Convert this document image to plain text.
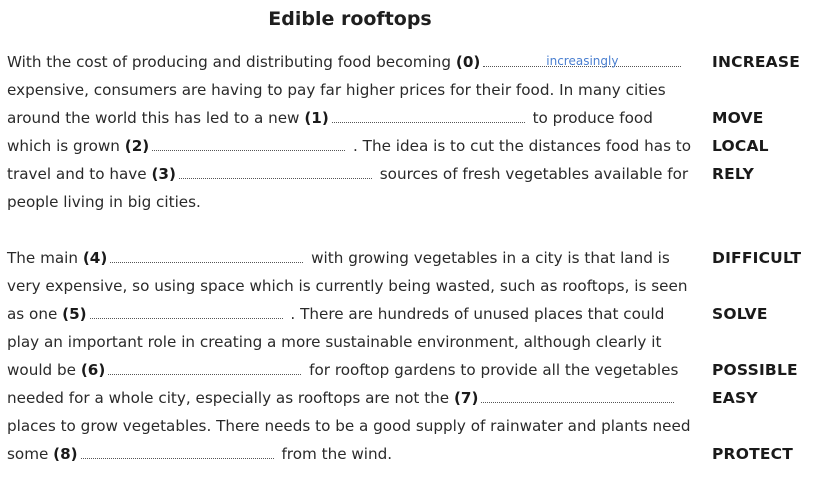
Edible rooftops
With the cost of producing and distributing food becoming (0)	increasingly	INCREASE
expensive, consumers are having to pay far higher prices for their food. In many cities
around the world this has led to a new (1)	to produce food	MOVE
which is grown (2)	. The idea is to cut the distances food has to LOCAL
travel and to have (3)	sources of fresh vegetables available for RELY
people living in big cities.
The main (4)	with growing vegetables in a city is that land is	DIFFICULT
very expensive, so using space which is currently being wasted, such as rooftops, is seen
as one (5)	. There are hundreds of unused places that could	SOLVE
play an important role in creating a more sustainable environment, although clearly it
would be (6)	for rooftop gardens to provide all the vegetables POSSIBLE
needed for a whole city, especially as rooftops are not the (7)	EASY
places to grow vegetables. There needs to be a good supply of rainwater and plants need
some (8)	from the wind.	PROTECT
